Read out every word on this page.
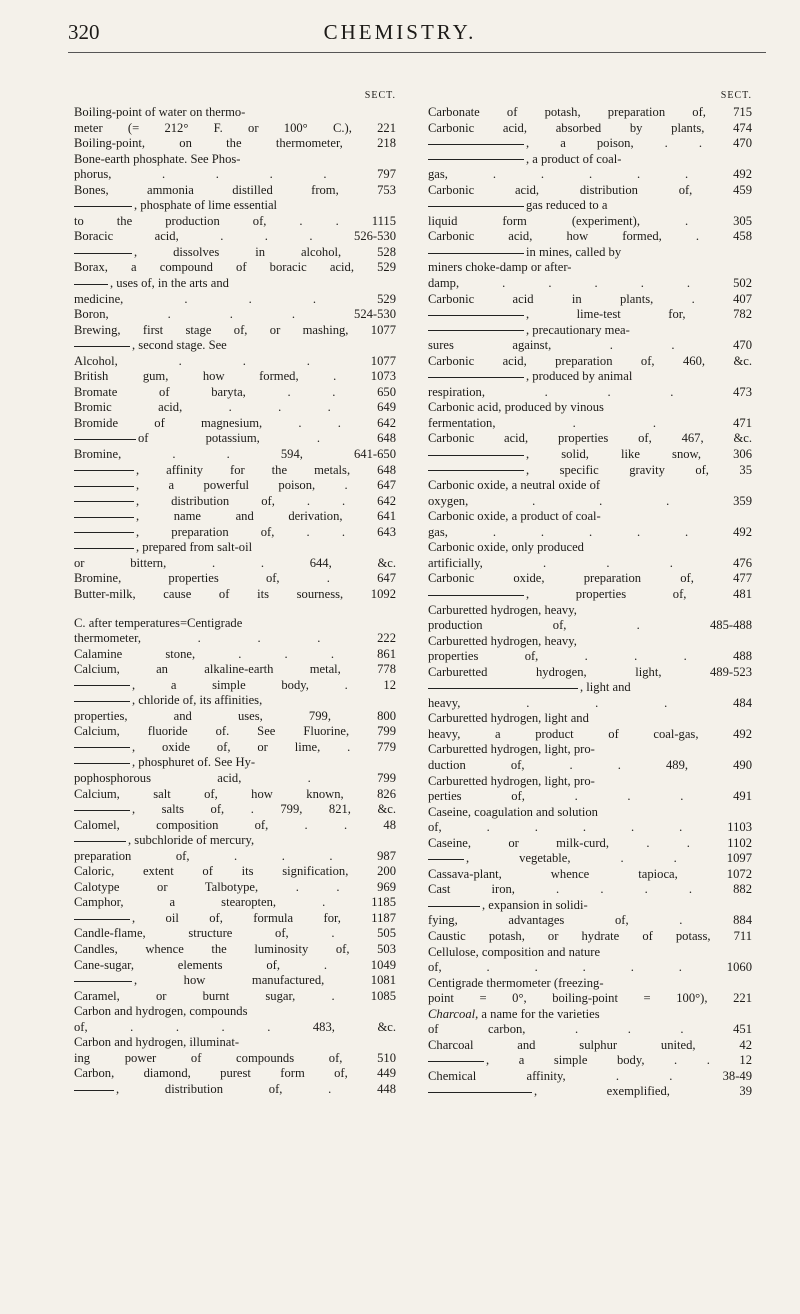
320	CHEMISTRY.
SECT.
Boiling-point of water on thermo-
meter (= 212° F. or 100° C.), 221
Boiling-point, on the thermometer, 218
Bone-earth phosphate. See Phos-
phorus, . . . . 797
Bones, ammonia distilled from, 753
, phosphate of lime essential
to the production of, . . 1115
Boracic acid, . . . 526-530
, dissolves in alcohol, 528
Borax, a compound of boracic acid, 529
, uses of, in the arts and
medicine, . . . 529
Boron, . . . 524-530
Brewing, first stage of, or mashing, 1077
, second stage. See
Alcohol, . . . 1077
British gum, how formed, . 1073
Bromate of baryta, . . 650
Bromic acid, . . . 649
Bromide of magnesium, . . 642
of potassium, . 648
Bromine, . . 594, 641-650
, affinity for the metals, 648
, a powerful poison, . 647
, distribution of, . . 642
, name and derivation, 641
, preparation of, . . 643
, prepared from salt-oil
or bittern, . . 644, &c.
Bromine, properties of, . 647
Butter-milk, cause of its sourness, 1092
C. after temperatures=Centigrade
thermometer, . . . 222
Calamine stone, . . . 861
Calcium, an alkaline-earth metal, 778
, a simple body, . 12
, chloride of, its affinities,
properties, and uses, 799, 800
Calcium, fluoride of. See Fluorine, 799
, oxide of, or lime, . 779
, phosphuret of. See Hy-
pophosphorous acid, . 799
Calcium, salt of, how known, 826
, salts of, . 799, 821, &c.
Calomel, composition of, . . 48
, subchloride of mercury,
preparation of, . . . 987
Caloric, extent of its signification, 200
Calotype or Talbotype, . . 969
Camphor, a stearopten, . 1185
, oil of, formula for, 1187
Candle-flame, structure of, . 505
Candles, whence the luminosity of, 503
Cane-sugar, elements of, . 1049
, how manufactured, 1081
Caramel, or burnt sugar, . 1085
Carbon and hydrogen, compounds
of, . . . . 483, &c.
Carbon and hydrogen, illuminat-
ing power of compounds of, 510
Carbon, diamond, purest form of, 449
, distribution of, . 448
SECT.
Carbonate of potash, preparation of, 715
Carbonic acid, absorbed by plants, 474
, a poison, . . 470
, a product of coal-
gas, . . . . . 492
Carbonic acid, distribution of, 459
gas reduced to a
liquid form (experiment), . 305
Carbonic acid, how formed, . 458
in mines, called by
miners choke-damp or after-
damp, . . . . . 502
Carbonic acid in plants, . 407
, lime-test for, 782
, precautionary mea-
sures against, . . 470
Carbonic acid, preparation of, 460, &c.
, produced by animal
respiration, . . . 473
Carbonic acid, produced by vinous
fermentation, . . 471
Carbonic acid, properties of, 467, &c.
, solid, like snow, 306
, specific gravity of, 35
Carbonic oxide, a neutral oxide of
oxygen, . . . 359
Carbonic oxide, a product of coal-
gas, . . . . . 492
Carbonic oxide, only produced
artificially, . . . 476
Carbonic oxide, preparation of, 477
, properties of, 481
Carburetted hydrogen, heavy,
production of, . 485-488
Carburetted hydrogen, heavy,
properties of, . . . 488
Carburetted hydrogen, light, 489-523
, light and
heavy, . . . 484
Carburetted hydrogen, light and
heavy, a product of coal-gas, 492
Carburetted hydrogen, light, pro-
duction of, . . 489, 490
Carburetted hydrogen, light, pro-
perties of, . . . 491
Caseine, coagulation and solution
of, . . . . . 1103
Caseine, or milk-curd, . . 1102
, vegetable, . . 1097
Cassava-plant, whence tapioca, 1072
Cast iron, . . . . 882
, expansion in solidi-
fying, advantages of, . 884
Caustic potash, or hydrate of potass, 711
Cellulose, composition and nature
of, . . . . . 1060
Centigrade thermometer (freezing-
point = 0°, boiling-point = 100°), 221
Charcoal, a name for the varieties
of carbon, . . . 451
Charcoal and sulphur united, 42
, a simple body, . . 12
Chemical affinity, . . 38-49
, exemplified, 39
